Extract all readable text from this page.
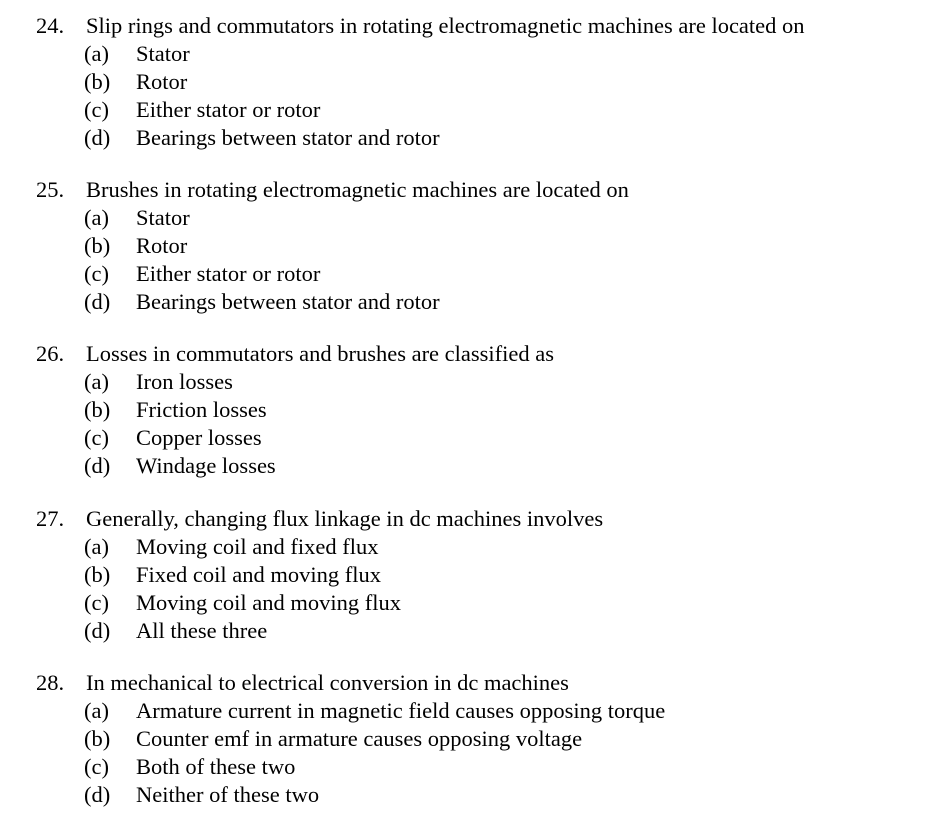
24. Slip rings and commutators in rotating electromagnetic machines are located on
(a)	Stator
(b)	Rotor
(c)	Either stator or rotor
(d)	Bearings between stator and rotor
25. Brushes in rotating electromagnetic machines are located on
(a)	Stator
(b)	Rotor
(c)	Either stator or rotor
(d)	Bearings between stator and rotor
26. Losses in commutators and brushes are classified as
(a)	Iron losses
(b)	Friction losses
(c)	Copper losses
(d)	Windage losses
27. Generally, changing flux linkage in dc machines involves
(a)	Moving coil and fixed flux
(b)	Fixed coil and moving flux
(c)	Moving coil and moving flux
(d)	All these three
28. In mechanical to electrical conversion in dc machines
(a)	Armature current in magnetic field causes opposing torque
(b)	Counter emf in armature causes opposing voltage
(c)	Both of these two
(d)	Neither of these two
